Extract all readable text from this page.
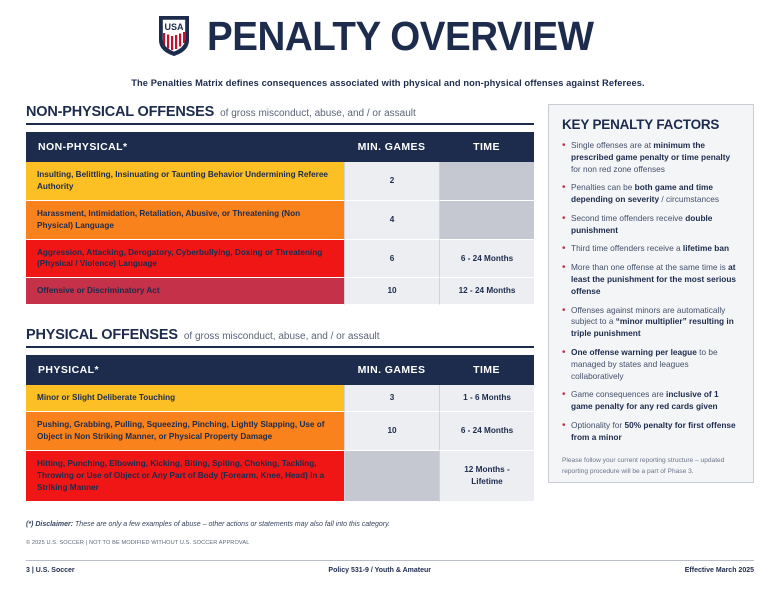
USA PENALTY OVERVIEW
The Penalties Matrix defines consequences associated with physical and non-physical offenses against Referees.
NON-PHYSICAL OFFENSES of gross misconduct, abuse, and / or assault
NON-PHYSICAL*	MIN. GAMES	TIME
Insulting, Belittling, Insinuating or Taunting Behavior Undermining Referee Authority	2	
Harassment, Intimidation, Retaliation, Abusive, or Threatening (Non Physical) Language	4	
Aggression, Attacking, Derogatory, Cyberbullying, Doxing or Threatening (Physical / Violence) Language	6	6 - 24 Months
Offensive or Discriminatory Act	10	12 - 24 Months
PHYSICAL OFFENSES of gross misconduct, abuse, and / or assault
PHYSICAL*	MIN. GAMES	TIME
Minor or Slight Deliberate Touching	3	1 - 6 Months
Pushing, Grabbing, Pulling, Squeezing, Pinching, Lightly Slapping, Use of Object in Non Striking Manner, or Physical Property Damage	10	6 - 24 Months
Hitting, Punching, Elbowing, Kicking, Biting, Spiting, Choking, Tackling, Throwing or Use of Object or Any Part of Body (Forearm, Knee, Head) in a Striking Manner		12 Months - Lifetime
KEY PENALTY FACTORS
• Single offenses are at minimum the prescribed game penalty or time penalty for non red zone offenses
• Penalties can be both game and time depending on severity / circumstances
• Second time offenders receive double punishment
• Third time offenders receive a lifetime ban
• More than one offense at the same time is at least the punishment for the most serious offense
• Offenses against minors are automatically subject to a “minor multiplier” resulting in triple punishment
• One offense warning per league to be managed by states and leagues collaboratively
• Game consequences are inclusive of 1 game penalty for any red cards given
• Optionality for 50% penalty for first offense from a minor
Please follow your current reporting structure – updated reporting procedure will be a part of Phase 3.
(*) Disclaimer: These are only a few examples of abuse – other actions or statements may also fall into this category.
© 2025 U.S. SOCCER | NOT TO BE MODIFIED WITHOUT U.S. SOCCER APPROVAL
3 | U.S. Soccer	Policy 531-9 / Youth & Amateur	Effective March 2025
